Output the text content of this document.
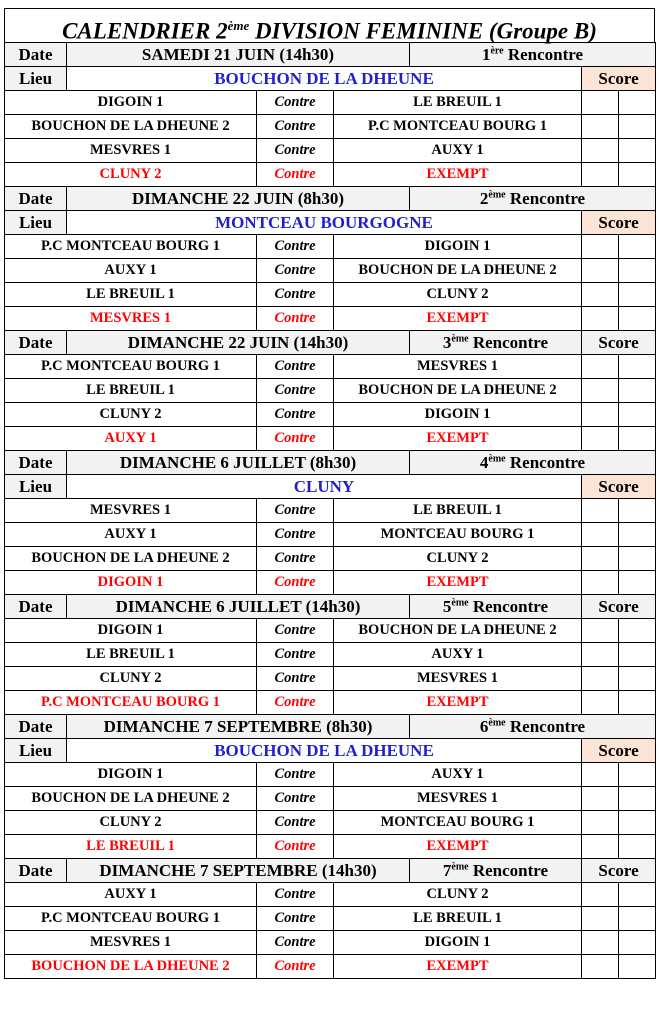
CALENDRIER 2ème DIVISION FEMININE (Groupe B)
Date	SAMEDI 21 JUIN (14h30)			1ère Rencontre		
Lieu	BOUCHON DE LA DHEUNE				Score	
DIGOIN 1		Contre	LE BREUIL 1			
BOUCHON DE LA DHEUNE 2		Contre	P.C MONTCEAU BOURG 1			
MESVRES 1		Contre	AUXY 1			
CLUNY 2		Contre	EXEMPT			
Date	DIMANCHE 22 JUIN (8h30)			2ème Rencontre		
Lieu	MONTCEAU BOURGOGNE				Score	
P.C MONTCEAU BOURG 1		Contre	DIGOIN 1			
AUXY 1		Contre	BOUCHON DE LA DHEUNE 2			
LE BREUIL 1		Contre	CLUNY 2			
MESVRES 1		Contre	EXEMPT			
Date	DIMANCHE 22 JUIN (14h30)			3ème Rencontre	Score	
P.C MONTCEAU BOURG 1		Contre	MESVRES 1			
LE BREUIL 1		Contre	BOUCHON DE LA DHEUNE 2			
CLUNY 2		Contre	DIGOIN 1			
AUXY 1		Contre	EXEMPT			
Date	DIMANCHE 6 JUILLET (8h30)			4ème Rencontre		
Lieu	CLUNY				Score	
MESVRES 1		Contre	LE BREUIL 1			
AUXY 1		Contre	MONTCEAU BOURG 1			
BOUCHON DE LA DHEUNE 2		Contre	CLUNY 2			
DIGOIN 1		Contre	EXEMPT			
Date	DIMANCHE 6 JUILLET (14h30)			5ème Rencontre	Score	
DIGOIN 1		Contre	BOUCHON DE LA DHEUNE 2			
LE BREUIL 1		Contre	AUXY 1			
CLUNY 2		Contre	MESVRES 1			
P.C MONTCEAU BOURG 1		Contre	EXEMPT			
Date	DIMANCHE 7 SEPTEMBRE (8h30)			6ème Rencontre		
Lieu	BOUCHON DE LA DHEUNE				Score	
DIGOIN 1		Contre	AUXY 1			
BOUCHON DE LA DHEUNE 2		Contre	MESVRES 1			
CLUNY 2		Contre	MONTCEAU BOURG 1			
LE BREUIL 1		Contre	EXEMPT			
Date	DIMANCHE 7 SEPTEMBRE (14h30)			7ème Rencontre	Score	
AUXY 1		Contre	CLUNY 2			
P.C MONTCEAU BOURG 1		Contre	LE BREUIL 1			
MESVRES 1		Contre	DIGOIN 1			
BOUCHON DE LA DHEUNE 2		Contre	EXEMPT			
